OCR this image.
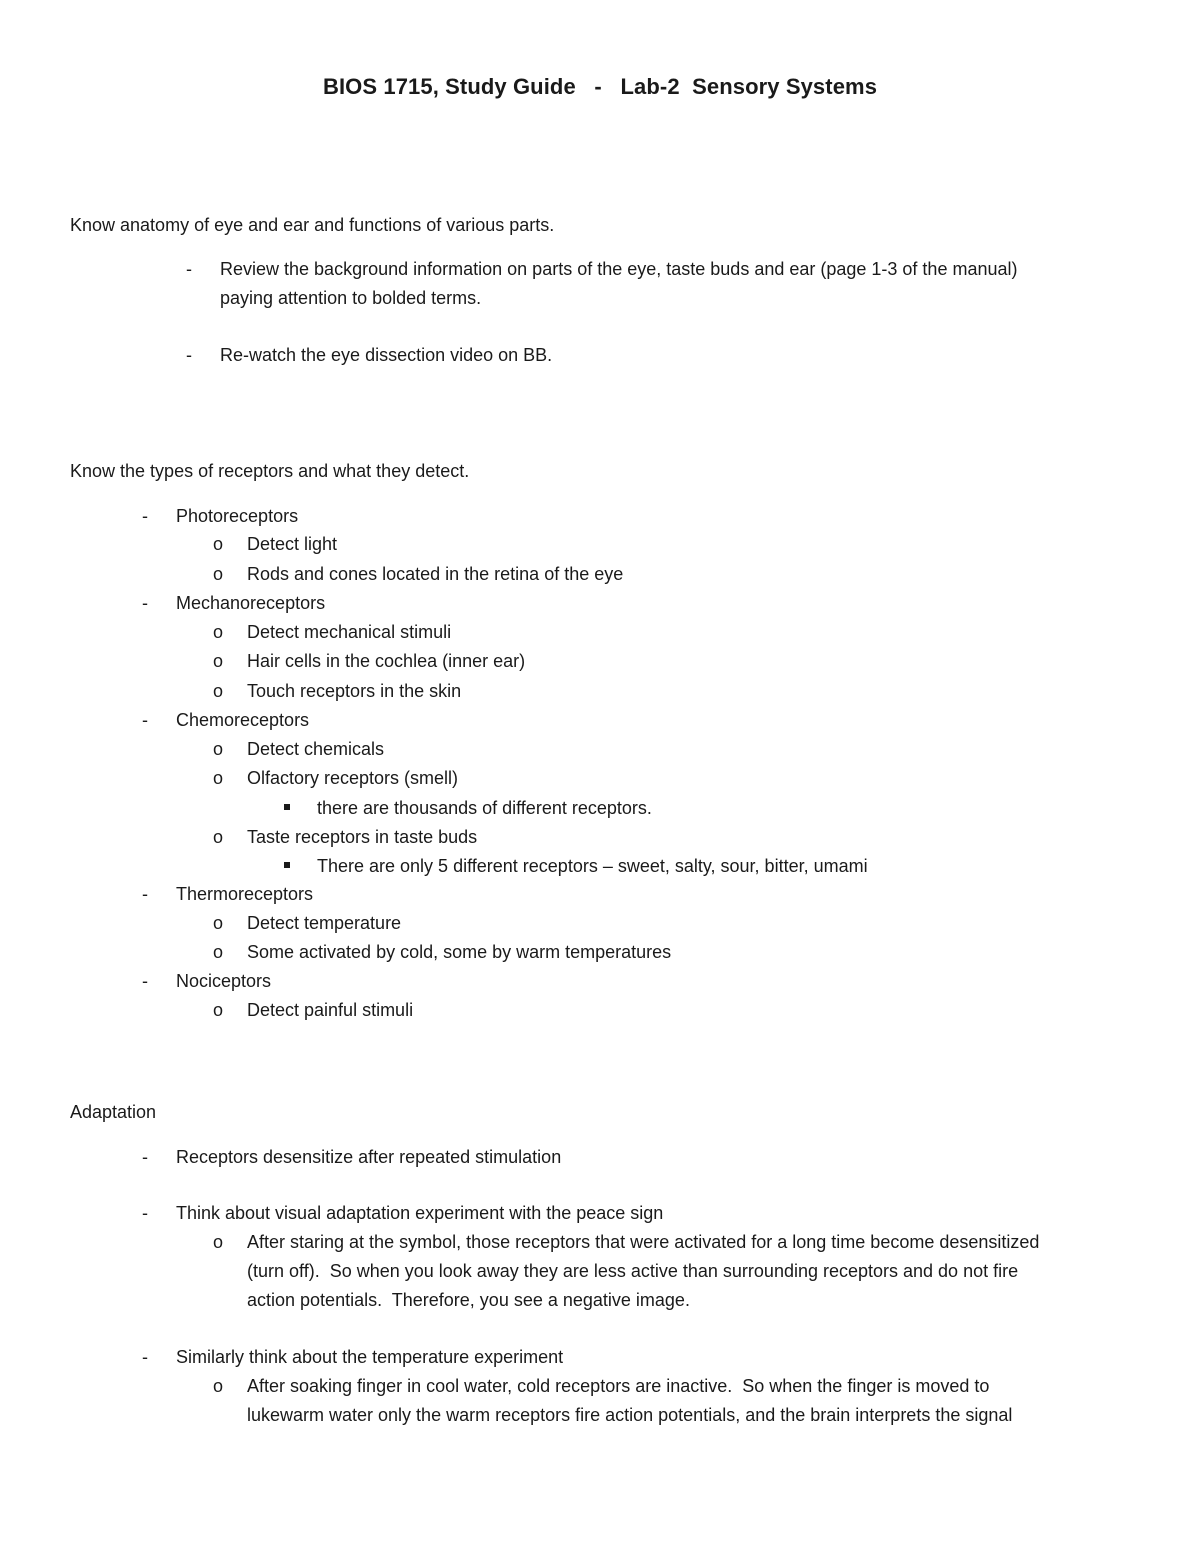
BIOS 1715, Study Guide   -   Lab-2  Sensory Systems
Know anatomy of eye and ear and functions of various parts.
- Review the background information on parts of the eye, taste buds and ear (page 1-3 of the manual)
paying attention to bolded terms.
- Re-watch the eye dissection video on BB.
Know the types of receptors and what they detect.
- Photoreceptors
o Detect light
o Rods and cones located in the retina of the eye
- Mechanoreceptors
o Detect mechanical stimuli
o Hair cells in the cochlea (inner ear)
o Touch receptors in the skin
- Chemoreceptors
o Detect chemicals
o Olfactory receptors (smell)
there are thousands of different receptors.
o Taste receptors in taste buds
There are only 5 different receptors – sweet, salty, sour, bitter, umami
- Thermoreceptors
o Detect temperature
o Some activated by cold, some by warm temperatures
- Nociceptors
o Detect painful stimuli
Adaptation
- Receptors desensitize after repeated stimulation
- Think about visual adaptation experiment with the peace sign
o After staring at the symbol, those receptors that were activated for a long time become desensitized
(turn off).  So when you look away they are less active than surrounding receptors and do not fire
action potentials.  Therefore, you see a negative image.
- Similarly think about the temperature experiment
o After soaking finger in cool water, cold receptors are inactive.  So when the finger is moved to
lukewarm water only the warm receptors fire action potentials, and the brain interprets the signal
